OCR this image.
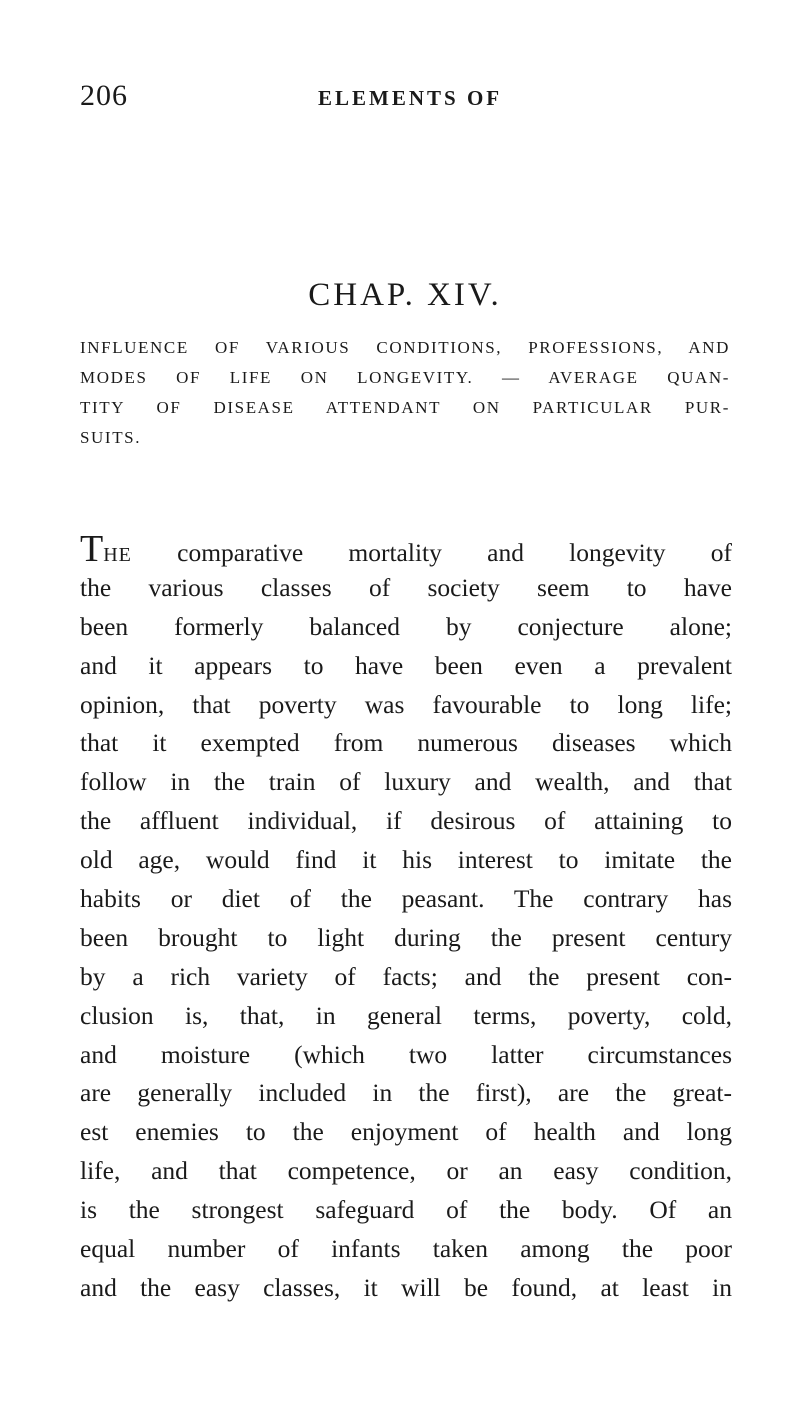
206	ELEMENTS OF
CHAP. XIV.
INFLUENCE OF VARIOUS CONDITIONS, PROFESSIONS, AND
MODES OF LIFE ON LONGEVITY. — AVERAGE QUAN-
TITY OF DISEASE ATTENDANT ON PARTICULAR PUR-
SUITS.
THE comparative mortality and longevity of
the various classes of society seem to have
been formerly balanced by conjecture alone;
and it appears to have been even a prevalent
opinion, that poverty was favourable to long life;
that it exempted from numerous diseases which
follow in the train of luxury and wealth, and that
the affluent individual, if desirous of attaining to
old age, would find it his interest to imitate the
habits or diet of the peasant. The contrary has
been brought to light during the present century
by a rich variety of facts; and the present con-
clusion is, that, in general terms, poverty, cold,
and moisture (which two latter circumstances
are generally included in the first), are the great-
est enemies to the enjoyment of health and long
life, and that competence, or an easy condition,
is the strongest safeguard of the body. Of an
equal number of infants taken among the poor
and the easy classes, it will be found, at least in
